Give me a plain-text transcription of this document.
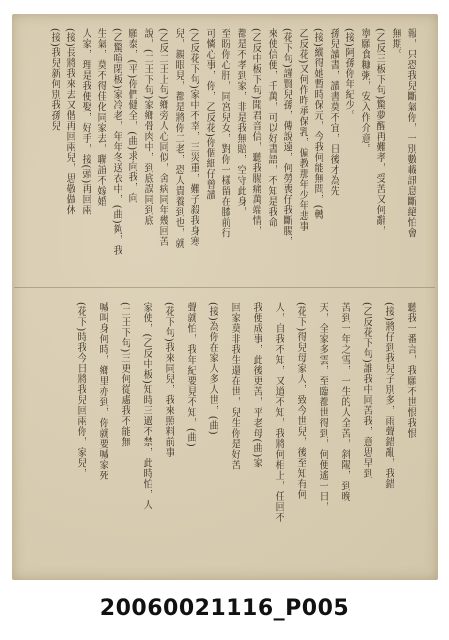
報，只恐我兒斷氣你，一別數載訊息斷絕怕會
無期。
(乙反三板下句)驚夢醒再難孝，受苦又何辭，
寧願食糠粥，安入作介意。
(接)阿孫你年紀少。
孫兒讀書，讀書莫不宜，日後才為先
(接)縱得她暫時保元，今我何能無問，(轉
乙反花)又何作昨承保乳，偏教那年少年悲事
(花下句)謹賢兒孫，傳說遠，何勞喪仔我斷腸，
來使信便，千萬，可以好書語，不知是我命
(乙反中板下句)聞君音信，聽我腸痛萬端情，
都是不孝到家，非是我無賠，空守此身，
至盼你心肝，同宮兒女，對你一樣留在膝前行
可憐心事，你，乙反花)你個細仔曾讀
(乙反花下句)家中不幸，三災重，難子殺我身寒
兒，親眼見，都是將你二老，恐人貴養到也，就
(乙反二王上句)鄉旁人心同似，舍病同年幾回苦
說，(二王下句)家鄉骨肉中，到底誤同到底
願泰，(平)你們健全，(曲)求向我，向
(乙驚喧閉板)家冷老，年年冬送衣中，(曲)夠，我
生氣，莫不得佳化同家去，聯誼不嫁婚
人家，理是我便娶，好手，接(頭)再回兩
(接)長將我來去又偕再回兩兒，思敬做休
(接)我兒新何別我孫兒
聽我一番言，我願不世恨我恨
(接)將仔到我兒子別多，雨聲錯亂，我錯
(乙反花下句)誰我中同苦我，意思早到
苦到一年之雪，一生的人全苦，斜陽，到晚
天，全家多雲，至臨都世得到，何便遙一日，
(花下)得兒母家人，致今世兒，後至知有何
人，自我不知，又道不知，我將何相上，任回不
我便成事，此後更苦，平老母(曲)家
回家莫非我生還在世，兒生你是好苦
(接)為你在家人多人世，(曲)
聲就怕，我年紀要見不知，(曲)
(花下句)我來同兒，我來照料前事
家使，(乙反中板)知時三過不禁，此時怕，人
(二王下句)三更何從處我不能無
喊叫身何時，鄉里亦到，你就要喊家死
(花下)時我今日將我兒回兩你，家兒，
20060021116_P005
